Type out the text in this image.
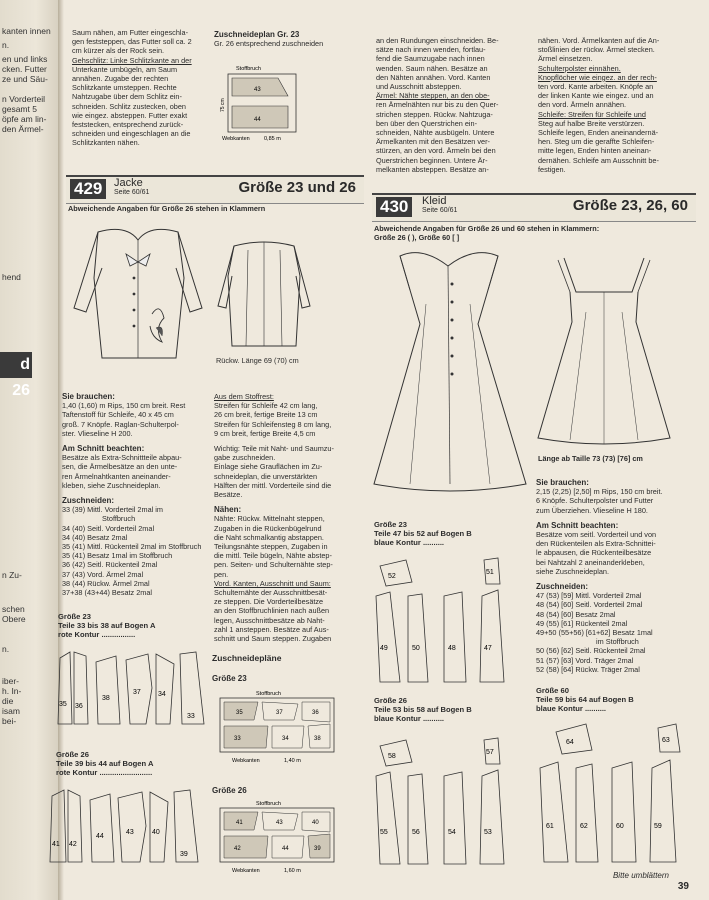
kanten innen
n.
en und links
cken. Futter
ze und Säu-
n Vorderteil
gesamt 5
öpfe am lin-
den Ärmel-
hend
d 26
n Zu-
schen
Obere
n.
iber-
h. In-
die
isam
bei-

Saum nähen, am Futter eingeschla-

gen feststeppen, das Futter soll ca. 2

cm kürzer als der Rock sein.

Gehschlitz: Linke Schlitzkante an der

Unterkante umbügeln, am Saum

annähen. Zugabe der rechten

Schlitzkante umsteppen. Rechte

Nahtzugabe über dem Schlitz ein-

schneiden. Schlitz zustecken, oben

wie eingez. absteppen. Futter exakt

feststecken, entsprechend zurück-

schneiden und eingeschlagen an die

Schlitzkanten nähen.

Zuschneideplan Gr. 23

Gr. 26 entsprechend zuschneiden

Stoffbruch
43
44
75 cm
Webkanten	0,85 m

an den Rundungen einschneiden. Be-

sätze nach innen wenden, fortlau-

fend die Saumzugabe nach innen

wenden. Saum nähen. Besätze an

den Nähten annähen. Vord. Kanten

und Ausschnitt absteppen.

Ärmel: Nähte steppen, an den obe-

ren Ärmelnähten nur bis zu den Quer-

strichen steppen. Rückw. Nahtzuga-

ben über den Querstrichen ein-

schneiden, Nähte ausbügeln. Untere

Ärmelkanten mit den Besätzen ver-

stürzen, an den vord. Ärmeln bei den

Querstrichen beginnen. Untere Är-

melkanten absteppen. Besätze an-

nähen. Vord. Ärmelkanten auf die An-

stoßlinien der rückw. Ärmel stecken.

Ärmel einsetzen.

Schulterpolster einnähen.

Knopflöcher wie eingez. an der rech-

ten vord. Kante arbeiten. Knöpfe an

der linken Kante wie eingez. und an

den vord. Ärmeln annähen.

Schleife: Streifen für Schleife und

Steg auf halbe Breite verstürzen.

Schleife legen, Enden aneinandernä-

hen. Steg um die geraffte Schleifen-

mitte legen, Enden hinten aneinan-

dernähen. Schleife am Ausschnitt be-

festigen.

429	Jacke
Seite 60/61	Größe 23 und 26
Abweichende Angaben für Größe 26 stehen in Klammern
Rückw. Länge 69 (70) cm

Sie brauchen:

1,40 (1,60) m Rips, 150 cm breit. Rest

Taftenstoff für Schleife, 40 x 45 cm

groß. 7 Knöpfe. Raglan-Schulterpol-

ster. Vlieseline H 200.

Am Schnitt beachten:

Besätze als Extra-Schnittteile abpau-

sen, die Ärmelbesätze an den unte-

ren Ärmelnahtkanten aneinander-

kleben, siehe Zuschneideplan.

Zuschneiden:

33 (39) Mittl. Vorderteil 2mal im

Stoffbruch

34 (40) Seitl. Vorderteil 2mal

34 (40) Besatz 2mal

35 (41) Mittl. Rückenteil 2mal im Stoffbruch

35 (41) Besatz 1mal im Stoffbruch

36 (42) Seitl. Rückenteil 2mal

37 (43) Vord. Ärmel 2mal

38 (44) Rückw. Ärmel 2mal

37+38 (43+44) Besatz 2mal

Aus dem Stoffrest:

Streifen für Schleife 42 cm lang,

26 cm breit, fertige Breite 13 cm

Streifen für Schleifensteg 8 cm lang,

9 cm breit, fertige Breite 4,5 cm

Wichtig: Teile mit Naht- und Saumzu-

gabe zuschneiden.

Einlage siehe Grauflächen im Zu-

schneideplan, die unverstärkten

Hälften der mittl. Vorderteile sind die

Besätze.

Nähen:

Nähte: Rückw. Mittelnaht steppen,

Zugaben in die Rückenbügelrund

die Naht schmalkantig abstappen.

Teilungsnähte steppen, Zugaben in

die mittl. Teile bügeln, Nähte abstep-

pen. Seiten- und Schulternähte step-

pen.

Vord. Kanten, Ausschnitt und Saum:

Schulternähte der Ausschnittbesät-

ze steppen. Die Vorderteilbesätze

an den Stoffbruchlinien nach außen

legen, Ausschnittbesätze ab Naht-

zahl 1 ansteppen. Besätze auf Aus-

schnitt und Saum steppen. Zugaben

Größe 23

Teile 33 bis 38 auf Bogen A

rote Kontur ................

35 36
38
37 34
33

Größe 26

Teile 39 bis 44 auf Bogen A

rote Kontur .........................

41 42
44
43	40
39
Zuschneidepläne
Größe 23
Stoffbruch
35	37
33	34
36
38
Webkanten	1,40 m
Größe 26
Stoffbruch
41	43
42
40
44	39
Webkanten	1,60 m
430	Kleid
Seite 60/61	Größe 23, 26, 60

Abweichende Angaben für Größe 26 und 60 stehen in Klammern:

Größe 26 ( ), Größe 60 [ ]

Länge ab Taille 73 (73) [76] cm

Sie brauchen:

2,15 (2,25) [2,50] m Rips, 150 cm breit.

6 Knöpfe. Schulterpolster und Futter

zum Überziehen. Vlieseline H 180.

Am Schnitt beachten:

Besätze vom seitl. Vorderteil und von

den Rückenteilen als Extra-Schnittei-

le abpausen, die Rückenteilbesätze

bei Nahtzahl 2 aneinanderkleben,

siehe Zuschneideplan.

Zuschneiden:

47 (53) [59] Mittl. Vorderteil 2mal

48 (54) [60] Seitl. Vorderteil 2mal

48 (54) [60] Besatz 2mal

49 (55) [61] Rückenteil 2mal

49+50 (55+56) [61+62] Besatz 1mal

im Stoffbruch

50 (56) [62] Seitl. Rückenteil 2mal

51 (57) [63] Vord. Träger 2mal

52 (58) [64] Rückw. Träger 2mal

Größe 23

Teile 47 bis 52 auf Bogen B

blaue Kontur ..........

52
51
49	50	48	47

Größe 26

Teile 53 bis 58 auf Bogen B

blaue Kontur ..........

58
57
55	56	54	53

Größe 60

Teile 59 bis 64 auf Bogen B

blaue Kontur ..........

64	63
61	62	60	59
Bitte umblättern
39
